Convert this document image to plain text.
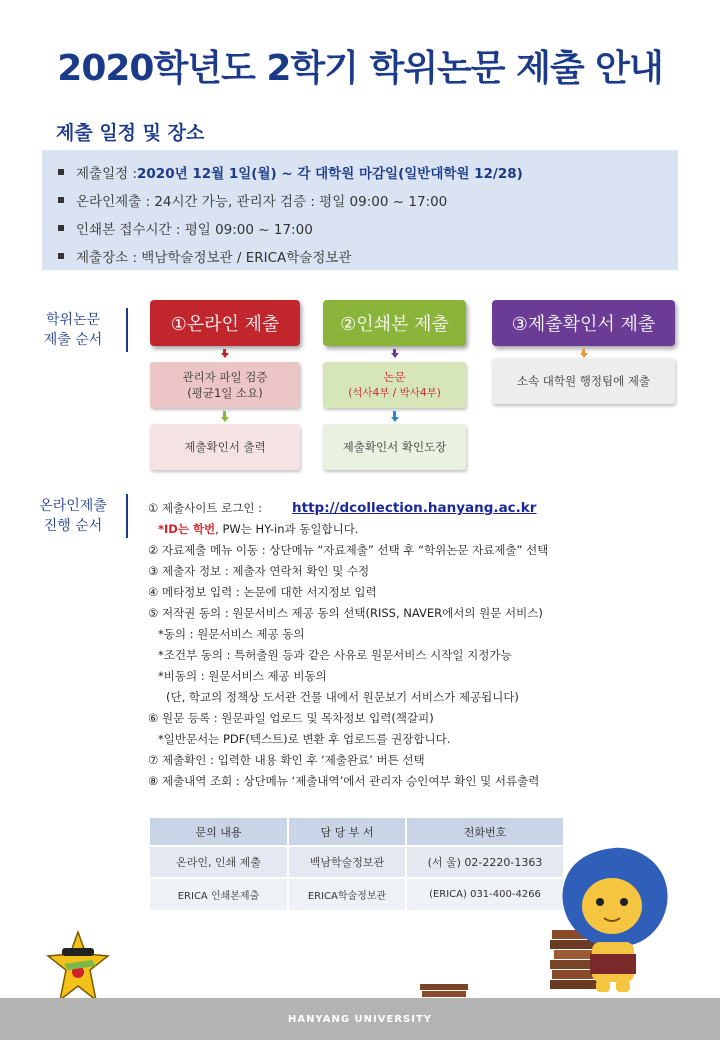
2020학년도 2학기 학위논문 제출 안내
제출 일정 및 장소
제출일정 : 2020년 12월 1일(월) ~ 각 대학원 마감일(일반대학원 12/28)
온라인제출 : 24시간 가능, 관리자 검증 : 평일 09:00 ~ 17:00
인쇄본 접수시간 : 평일 09:00 ~ 17:00
제출장소 : 백남학술정보관 / ERICA학술정보관
학위논문
제출 순서
①온라인 제출	②인쇄본 제출	③제출확인서 제출
관리자 파일 검증
(평균1일 소요)
논문
(석사4부 / 박사4부)
소속 대학원 행정팀에 제출
제출확인서 출력	제출확인서 확인도장
온라인제출
진행 순서
① 제출사이트 로그인 : http://dcollection.hanyang.ac.kr
*ID는 학번, PW는 HY-in과 동일합니다.
② 자료제출 메뉴 이동 : 상단메뉴 “자료제출” 선택 후 “학위논문 자료제출” 선택
③ 제출자 정보 : 제출자 연락처 확인 및 수정
④ 메타정보 입력 : 논문에 대한 서지정보 입력
⑤ 저작권 동의 : 원문서비스 제공 동의 선택(RISS, NAVER에서의 원문 서비스)
*동의 : 원문서비스 제공 동의
*조건부 동의 : 특허출원 등과 같은 사유로 원문서비스 시작일 지정가능
*비동의 : 원문서비스 제공 비동의
(단, 학교의 정책상 도서관 건물 내에서 원문보기 서비스가 제공됩니다)
⑥ 원문 등록 : 원문파일 업로드 및 목차정보 입력(책갈피)
*일반문서는 PDF(텍스트)로 변환 후 업로드를 권장합니다.
⑦ 제출확인 : 입력한 내용 확인 후 ‘제출완료’ 버튼 선택
⑧ 제출내역 조회 : 상단메뉴 ‘제출내역’에서 관리자 승인여부 확인 및 서류출력
문의 내용	담 당 부 서	전화번호
온라인, 인쇄 제출	백남학술정보관	(서 울) 02-2220-1363
ERICA 인쇄본제출	ERICA학술정보관	(ERICA) 031-400-4266
HANYANG UNIVERSITY
